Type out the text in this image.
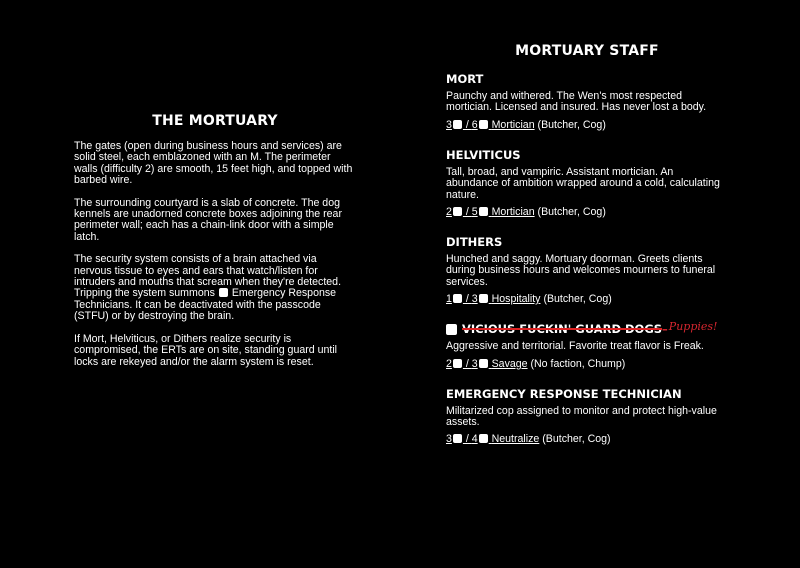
THE MORTUARY

The gates (open during business hours and services) are solid steel, each emblazoned with an M. The perimeter walls (difficulty 2) are smooth, 15 feet high, and topped with barbed wire.

The surrounding courtyard is a slab of concrete. The dog kennels are unadorned concrete boxes adjoining the rear perimeter wall; each has a chain-link door with a simple latch.

The security system consists of a brain attached via nervous tissue to eyes and ears that watch/listen for intruders and mouths that scream when they're detected. Tripping the system summons Emergency Response Technicians. It can be deactivated with the passcode (STFU) or by destroying the brain.

If Mort, Helviticus, or Dithers realize security is compromised, the ERTs are on site, standing guard until locks are rekeyed and/or the alarm system is reset.

MORTUARY STAFF
MORT
Paunchy and withered. The Wen's most respected mortician. Licensed and insured. Has never lost a body.
3 / 6 Mortician (Butcher, Cog)
HELVITICUS
Tall, broad, and vampiric. Assistant mortician. An abundance of ambition wrapped around a cold, calculating nature.
2 / 5 Mortician (Butcher, Cog)
DITHERS
Hunched and saggy. Mortuary doorman. Greets clients during business hours and welcomes mourners to funeral services.
1 / 3 Hospitality (Butcher, Cog)
VICIOUS FUCKIN' GUARD DOGS – Puppies!
Aggressive and territorial. Favorite treat flavor is Freak.
2 / 3 Savage (No faction, Chump)
EMERGENCY RESPONSE TECHNICIAN
Militarized cop assigned to monitor and protect high-value assets.
3 / 4 Neutralize (Butcher, Cog)
